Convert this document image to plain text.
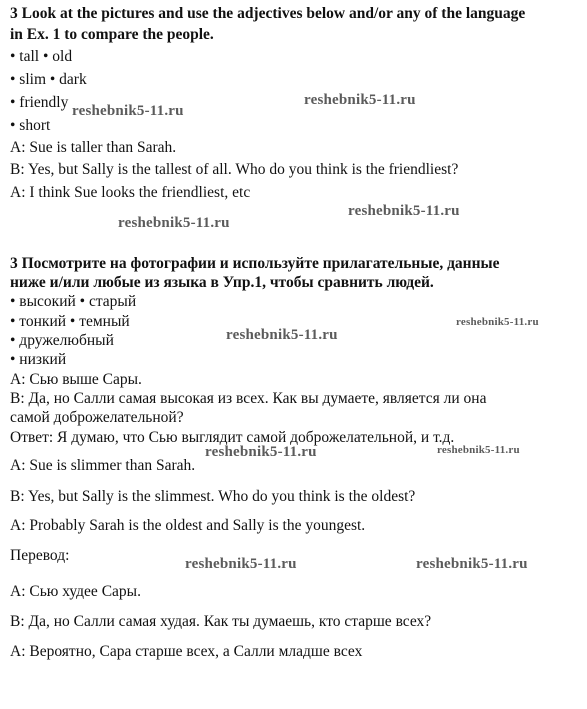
3 Look at the pictures and use the adjectives below and/or any of the language
in Ex. 1 to compare the people.
• tall • old
• slim • dark
• friendly
• short
A: Sue is taller than Sarah.
B: Yes, but Sally is the tallest of all. Who do you think is the friendliest?
A: I think Sue looks the friendliest, etc
3 Посмотрите на фотографии и используйте прилагательные, данные
ниже и/или любые из языка в Упр.1, чтобы сравнить людей.
• высокий • старый
• тонкий • темный
• дружелюбный
• низкий
А: Сью выше Сары.
В: Да, но Салли самая высокая из всех. Как вы думаете, является ли она
самой доброжелательной?
Ответ: Я думаю, что Сью выглядит самой доброжелательной, и т.д.
A: Sue is slimmer than Sarah.
B: Yes, but Sally is the slimmest. Who do you think is the oldest?
A: Probably Sarah is the oldest and Sally is the youngest.
Перевод:
А: Сью худее Сары.
В: Да, но Салли самая худая. Как ты думаешь, кто старше всех?
А: Вероятно, Сара старше всех, а Салли младше всех
reshebnik5-11.ru
reshebnik5-11.ru
reshebnik5-11.ru
reshebnik5-11.ru
reshebnik5-11.ru
reshebnik5-11.ru
reshebnik5-11.ru	reshebnik5-11.ru
reshebnik5-11.ru	reshebnik5-11.ru
